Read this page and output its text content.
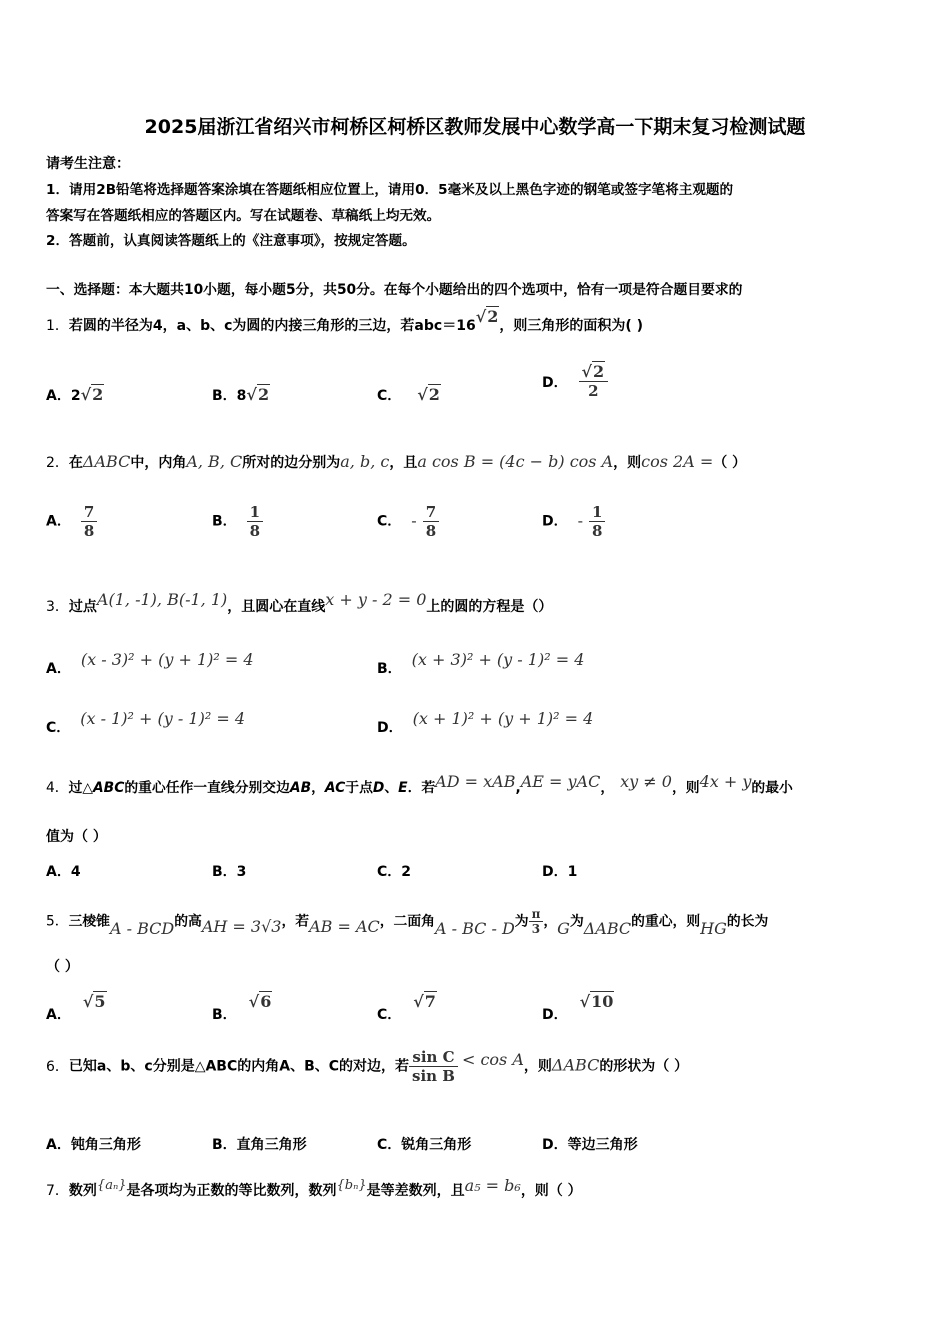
2025届浙江省绍兴市柯桥区柯桥区教师发展中心数学高一下期末复习检测试题
请考生注意：
1．请用2B铅笔将选择题答案涂填在答题纸相应位置上，请用0．5毫米及以上黑色字迹的钢笔或签字笔将主观题的
答案写在答题纸相应的答题区内。写在试题卷、草稿纸上均无效。
2．答题前，认真阅读答题纸上的《注意事项》，按规定答题。
一、选择题：本大题共10小题，每小题5分，共50分。在每个小题给出的四个选项中，恰有一项是符合题目要求的
1．若圆的半径为4，a、b、c为圆的内接三角形的三边，若abc＝16√2，则三角形的面积为( )
A．2√2	B．8√2	C． √2
D． $\frac{√2}{2}$
2．在ΔABC中，内角A, B, C所对的边分别为a, b, c，且a cos B = (4c − b) cos A，则cos 2A =（ ）
A． $\frac{7}{8}$	B． $\frac{1}{8}$	C． - $\frac{7}{8}$	D． - $\frac{1}{8}$
3．过点A(1, -1), B(-1, 1)，且圆心在直线x + y - 2 = 0上的圆的方程是（）
A． (x - 3)² + (y + 1)² = 4	B． (x + 3)² + (y - 1)² = 4
C． (x - 1)² + (y - 1)² = 4	D． (x + 1)² + (y + 1)² = 4
4．过△ABC的重心任作一直线分别交边AB，AC于点D、E．若AD = xAB,AE = yAC， xy ≠ 0，则4x + y的最小
值为（ ）
A．4	B．3	C．2	D．1
5．三棱锥A - BCD的高AH = 3√3，若AB = AC，二面角A - BC - D为 $\frac{\pi}{3}$ ，G为ΔABC的重心，则HG的长为
（ ）
A．√5
B．√6
C．√7
D．√10
6．已知a、b、c分别是△ABC的内角A、B、C的对边，若 $\frac{\text{sin C}}{\text{sin B}} < \cos A$，则ΔABC的形状为（ ）
A．钝角三角形	B．直角三角形	C．锐角三角形	D．等边三角形
7．数列{aₙ}是各项均为正数的等比数列，数列{bₙ}是等差数列，且a₅ = b₆，则（ ）
